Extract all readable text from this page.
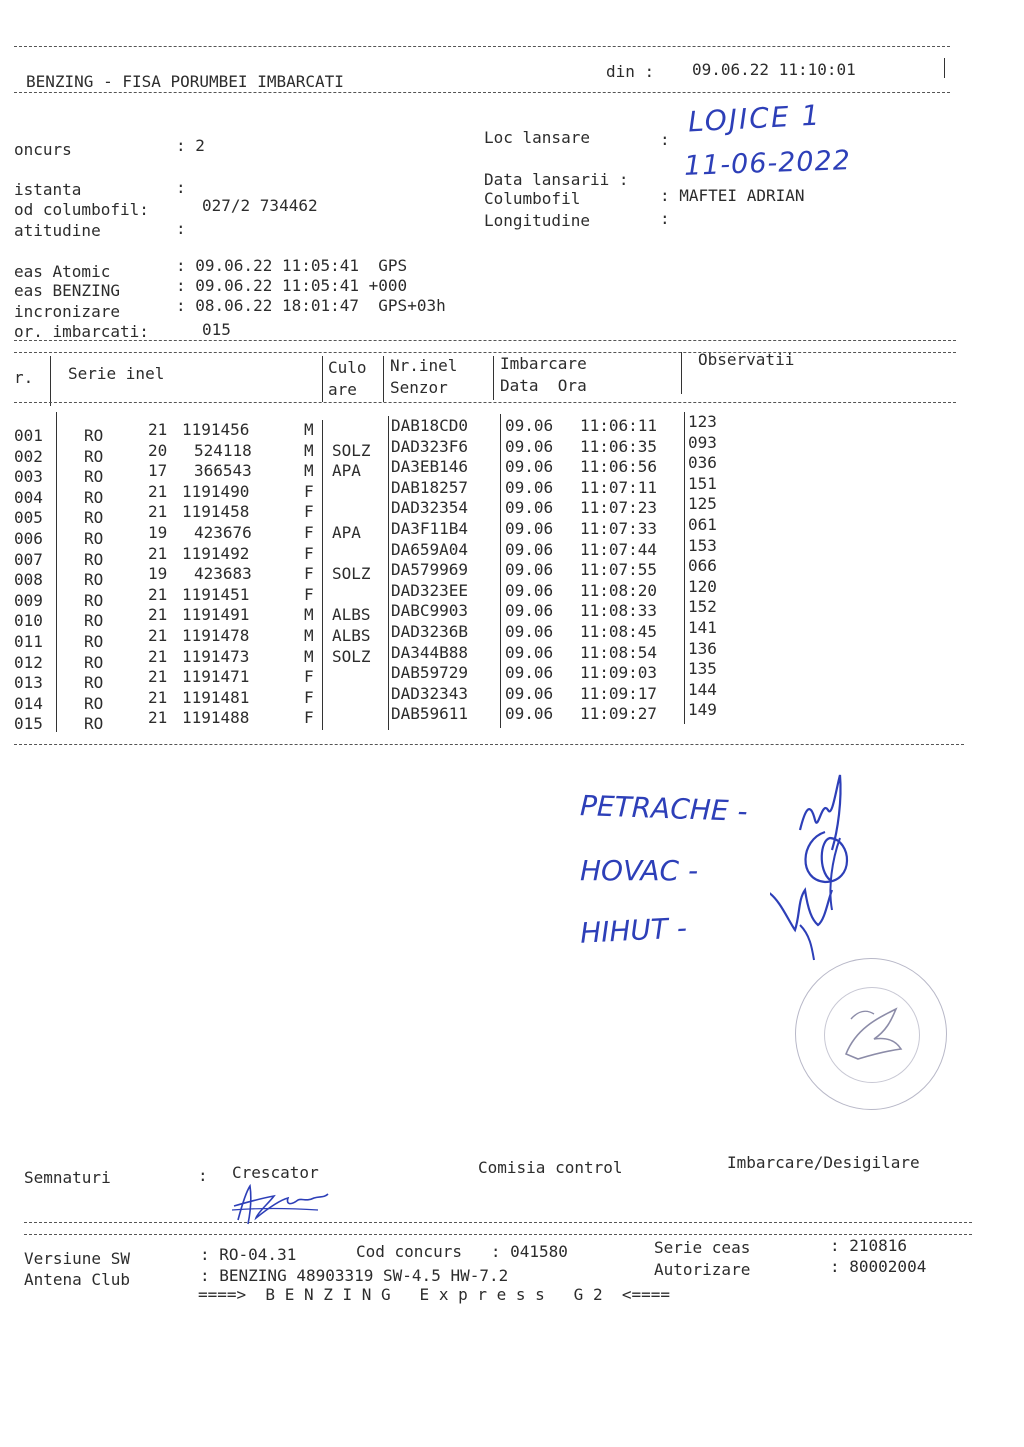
BENZING - FISA PORUMBEI IMBARCATI
din : 09.06.22 11:10:01
oncurs	: 2
istanta	:
od columbofil:	027/2 734462
atitudine	:
Loc lansare	:
LOJICE 1
Data lansarii : 11-06-2022
Columbofil	: MAFTEI ADRIAN
Longitudine	:
eas Atomic	: 09.06.22 11:05:41  GPS
eas BENZING	: 09.06.22 11:05:41 +000
incronizare	: 08.06.22 18:01:47  GPS+03h
or. imbarcati:	015
r. Serie inel	Culo
are
Nr.inel
Senzor
Imbarcare
Data  Ora
Observatii
001	RO	21 1191456	M	DAB18CD0 09.06 11:06:11 123
002	RO	20 524118	M SOLZ DAD323F6 09.06 11:06:35 093
003	RO	17 366543	M APA DA3EB146 09.06 11:06:56 036
004	RO	21 1191490	F	DAB18257 09.06 11:07:11 151
005	RO	21 1191458	F	DAD32354 09.06 11:07:23 125
006	RO	19 423676	F APA DA3F11B4 09.06 11:07:33 061
007	RO	21 1191492	F	DA659A04 09.06 11:07:44 153
008	RO	19 423683	F SOLZ DA579969 09.06 11:07:55 066
009	RO	21 1191451	F	DAD323EE 09.06 11:08:20 120
010	RO	21 1191491	M ALBS DABC9903 09.06 11:08:33 152
011	RO	21 1191478	M ALBS DAD3236B 09.06 11:08:45 141
012	RO	21 1191473	M SOLZ DA344B88 09.06 11:08:54 136
013	RO	21 1191471	F	DAB59729 09.06 11:09:03 135
014	RO	21 1191481	F	DAD32343 09.06 11:09:17 144
015	RO	21 1191488	F	DAB59611 09.06 11:09:27 149
PETRACHE -
HOVAC -
HIHUT -
Semnaturi	: Crescator	Comisia control	Imbarcare/Desigilare
Versiune SW	: RO-04.31	Cod concurs   : 041580	Serie ceas	: 210816
Antena Club	: BENZING 48903319 SW-4.5 HW-7.2	Autorizare	: 80002004
====>  B E N Z I N G   E x p r e s s   G 2  <====
